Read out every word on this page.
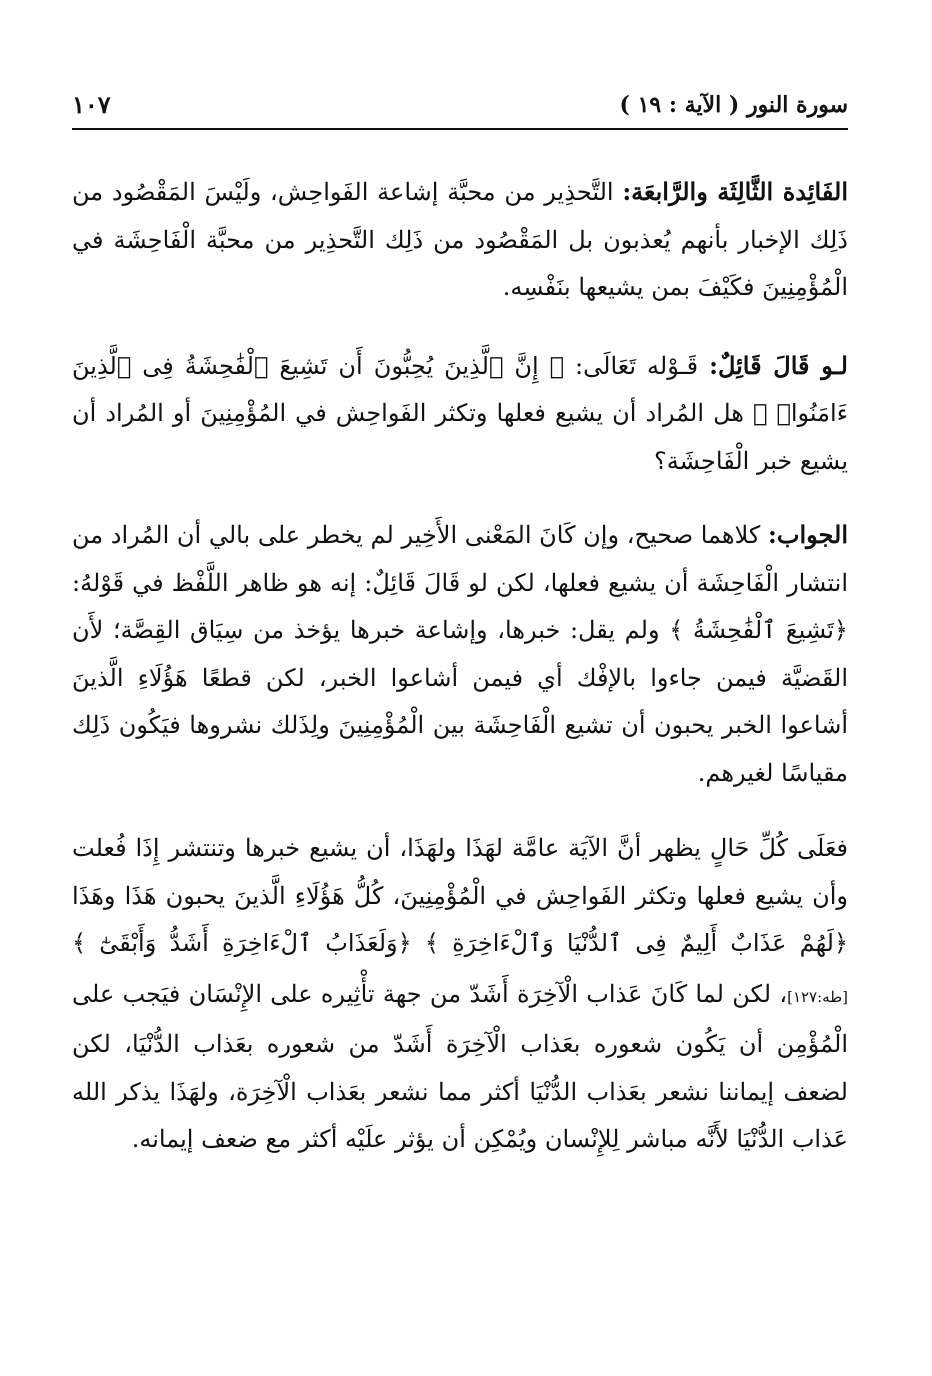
سورة النور ( الآية : ١٩ )
١٠٧

الفَائِدة الثَّالِثَة والرَّابعَة: التَّحذِير من محبَّة إشاعة الفَواحِش، ولَيْسَ المَقْصُود من ذَلِك الإخبار بأنهم يُعذبون بل المَقْصُود من ذَلِك التَّحذِير من محبَّة الْفَاحِشَة في الْمُؤْمِنِينَ فكَيْفَ بمن يشيعها بنَفْسِه.

لـو قَالَ قَائِلٌ: قَـوْله تَعَالَى: ﴿ إِنَّ ٱلَّذِينَ يُحِبُّونَ أَن تَشِيعَ ٱلْفَٰحِشَةُ فِى ٱلَّذِينَ ءَامَنُوا۟ ﴾ هل المُراد أن يشيع فعلها وتكثر الفَواحِش في المُؤْمِنِينَ أو المُراد أن يشيع خبر الْفَاحِشَة؟

الجواب: كلاهما صحيح، وإن كَانَ المَعْنى الأَخِير لم يخطر على بالي أن المُراد من انتشار الْفَاحِشَة أن يشيع فعلها، لكن لو قَالَ قَائِلٌ: إنه هو ظاهر اللَّفْظ في قَوْلهُ: ﴿تَشِيعَ ٱلْفَٰحِشَةُ ﴾ ولم يقل: خبرها، وإشاعة خبرها يؤخذ من سِيَاق القِصَّة؛ لأَن القَضيَّة فيمن جاءوا بالإفْك أي فيمن أشاعوا الخبر، لكن قطعًا هَؤُلَاءِ الَّذينَ أشاعوا الخبر يحبون أن تشيع الْفَاحِشَة بين الْمُؤْمِنِينَ ولِذَلك نشروها فيَكُون ذَلِك مقياسًا لغيرهم.

فعَلَى كُلِّ حَالٍ يظهر أنَّ الآيَة عامَّة لهَذَا ولهَذَا، أن يشيع خبرها وتنتشر إِذَا فُعلت وأن يشيع فعلها وتكثر الفَواحِش في الْمُؤْمِنِينَ، كُلُّ هَؤُلَاءِ الَّذينَ يحبون هَذَا وهَذَا ﴿لَهُمْ عَذَابٌ أَلِيمٌ فِى ٱلدُّنْيَا وَٱلْءَاخِرَةِ ﴾ ﴿وَلَعَذَابُ ٱلْءَاخِرَةِ أَشَدُّ وَأَبْقَىٰٓ ﴾ [طه:١٢٧]، لكن لما كَانَ عَذاب الْآخِرَة أَشَدّ من جهة تأْثِيره على الإِنْسَان فيَجب على الْمُؤْمِن أن يَكُون شعوره بعَذاب الْآخِرَة أَشَدّ من شعوره بعَذاب الدُّنْيَا، لكن لضعف إيماننا نشعر بعَذاب الدُّنْيَا أكثر مما نشعر بعَذاب الْآخِرَة، ولهَذَا يذكر الله عَذاب الدُّنْيَا لأَنَّه مباشر لِلإِنْسان ويُمْكِن أن يؤثر علَيْه أكثر مع ضعف إيمانه.
